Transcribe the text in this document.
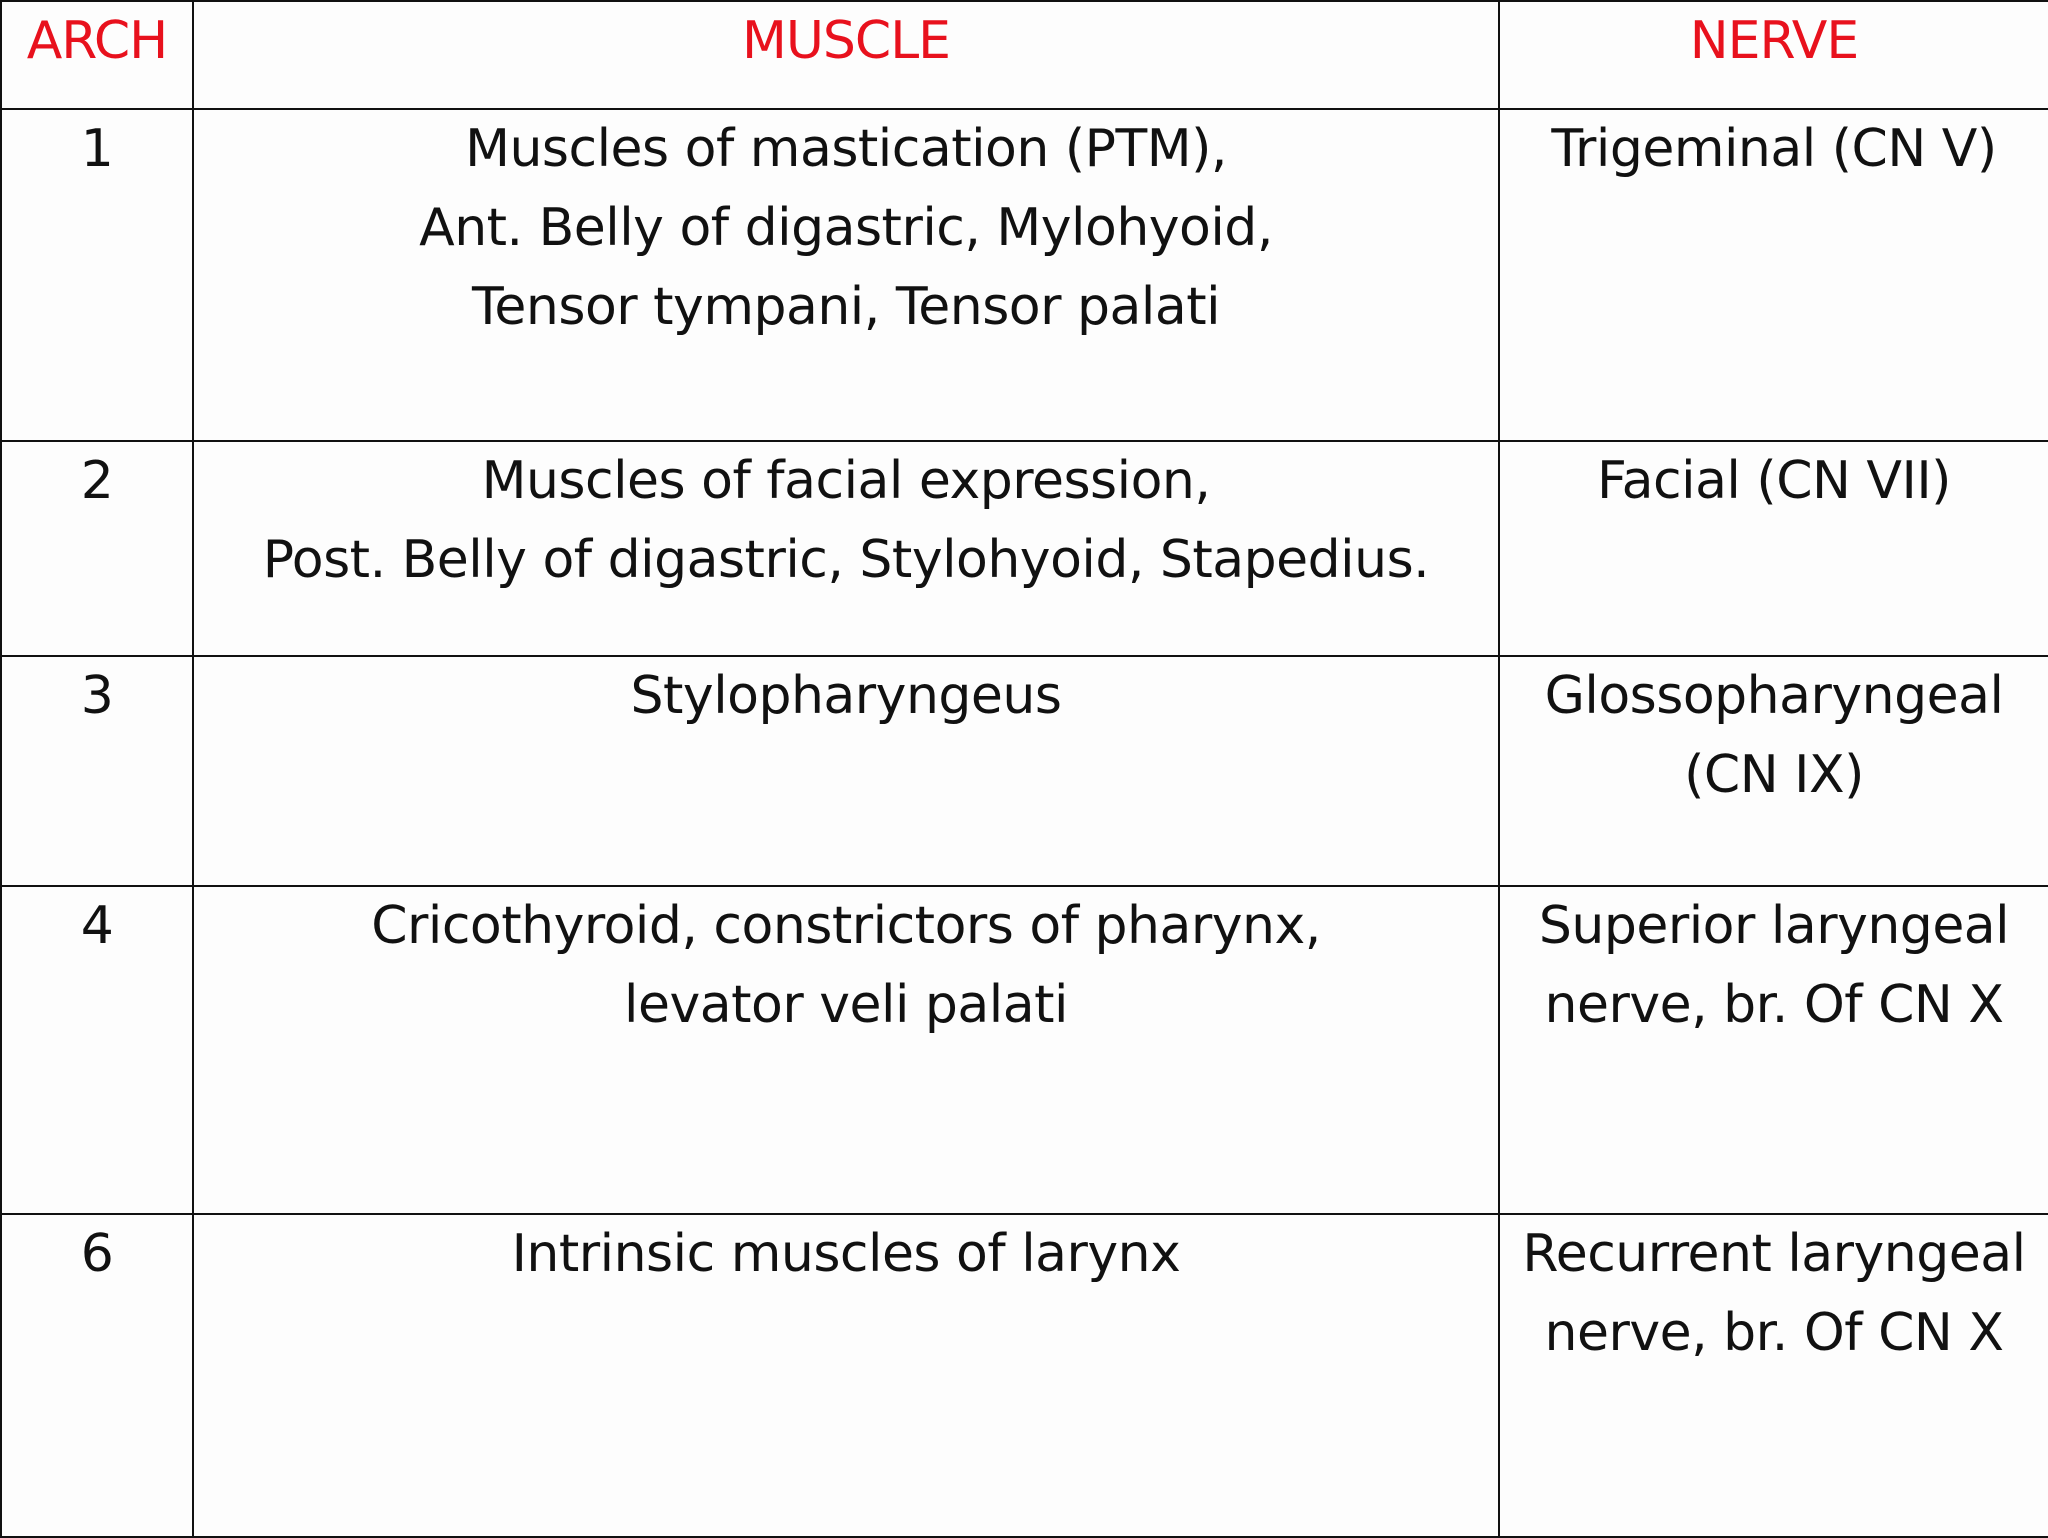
ARCH	MUSCLE	NERVE
1	Muscles of mastication (PTM),
Ant. Belly of digastric, Mylohyoid,
Tensor tympani, Tensor palati	Trigeminal (CN V)

2	Muscles of facial expression,
Post. Belly of digastric, Stylohyoid, Stapedius.	Facial (CN VII)

3	Stylopharyngeus	Glossopharyngeal
(CN IX)

4	Cricothyroid, constrictors of pharynx,
levator veli palati	Superior laryngeal
nerve, br. Of CN X

6	Intrinsic muscles of larynx	Recurrent laryngeal
nerve, br. Of CN X
